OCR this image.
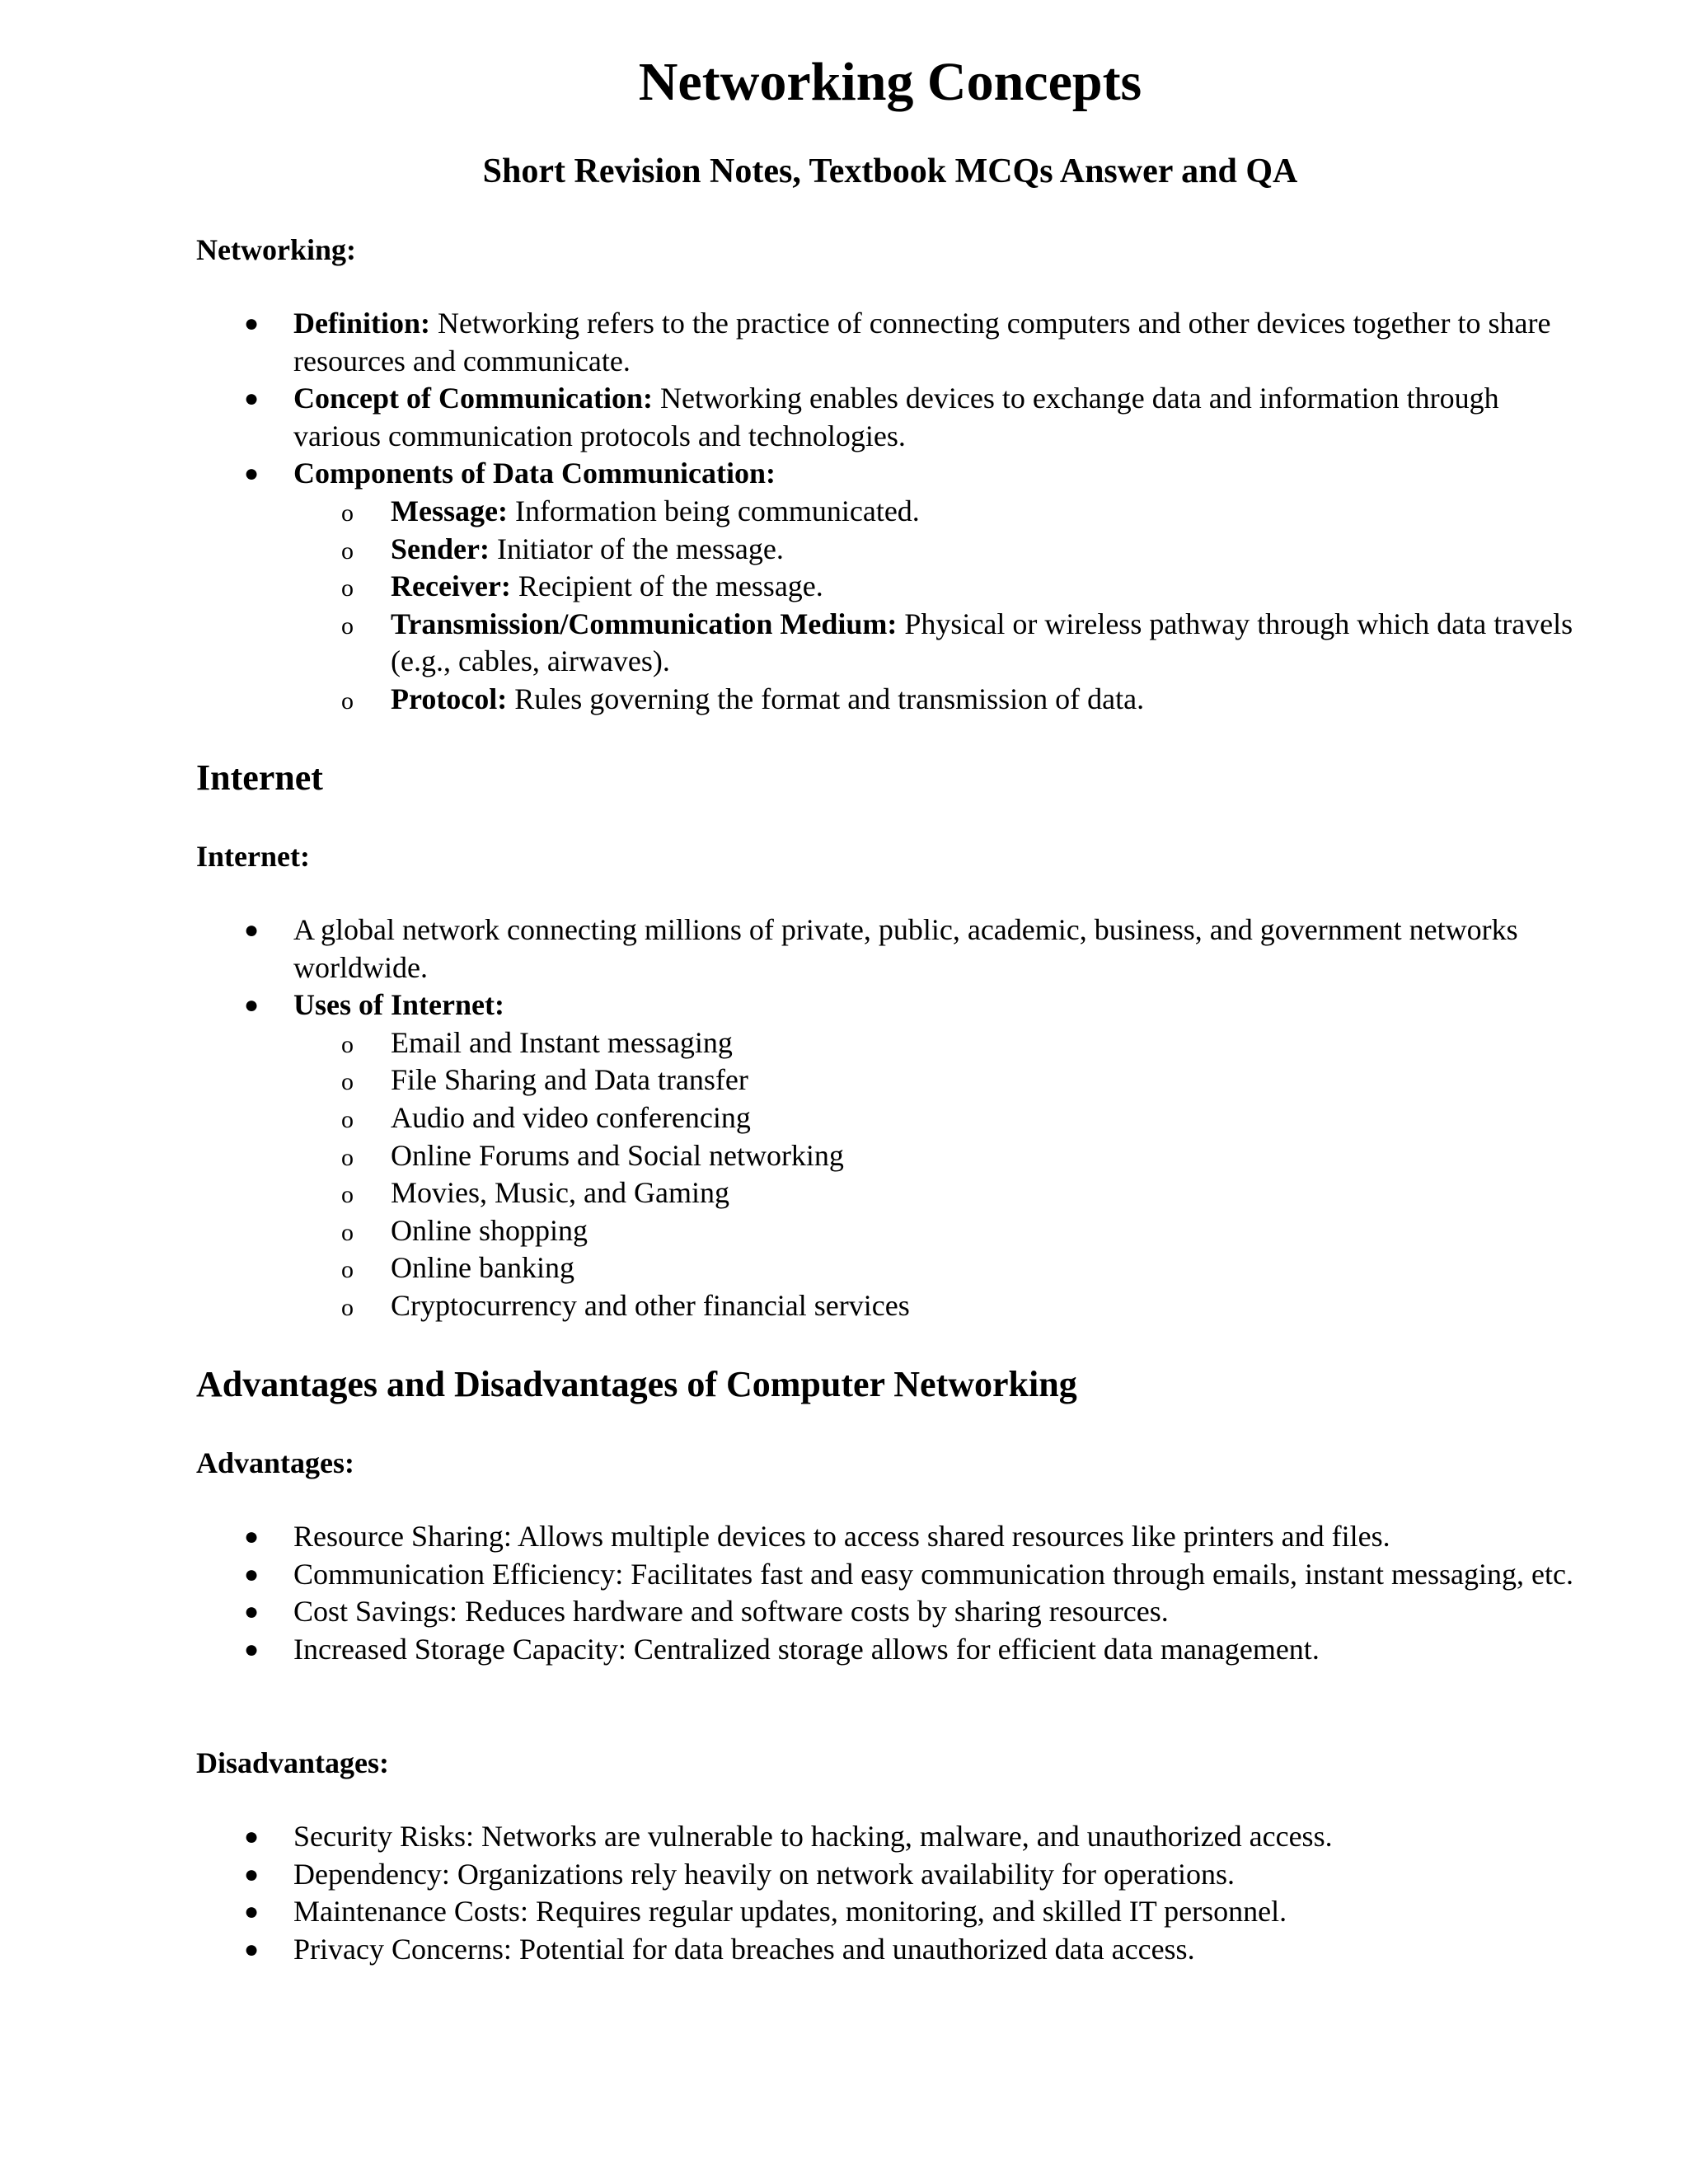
Networking Concepts
Short Revision Notes, Textbook MCQs Answer and QA
Networking:
● Definition: Networking refers to the practice of connecting computers and other devices together to share resources and communicate.
● Concept of Communication: Networking enables devices to exchange data and information through various communication protocols and technologies.
● Components of Data Communication:
o Message: Information being communicated.
o Sender: Initiator of the message.
o Receiver: Recipient of the message.
o Transmission/Communication Medium: Physical or wireless pathway through which data travels (e.g., cables, airwaves).
o Protocol: Rules governing the format and transmission of data.
Internet
Internet:
● A global network connecting millions of private, public, academic, business, and government networks worldwide.
● Uses of Internet:
o Email and Instant messaging
o File Sharing and Data transfer
o Audio and video conferencing
o Online Forums and Social networking
o Movies, Music, and Gaming
o Online shopping
o Online banking
o Cryptocurrency and other financial services
Advantages and Disadvantages of Computer Networking
Advantages:
● Resource Sharing: Allows multiple devices to access shared resources like printers and files.
● Communication Efficiency: Facilitates fast and easy communication through emails, instant messaging, etc.
● Cost Savings: Reduces hardware and software costs by sharing resources.
● Increased Storage Capacity: Centralized storage allows for efficient data management.
Disadvantages:
● Security Risks: Networks are vulnerable to hacking, malware, and unauthorized access.
● Dependency: Organizations rely heavily on network availability for operations.
● Maintenance Costs: Requires regular updates, monitoring, and skilled IT personnel.
● Privacy Concerns: Potential for data breaches and unauthorized data access.
